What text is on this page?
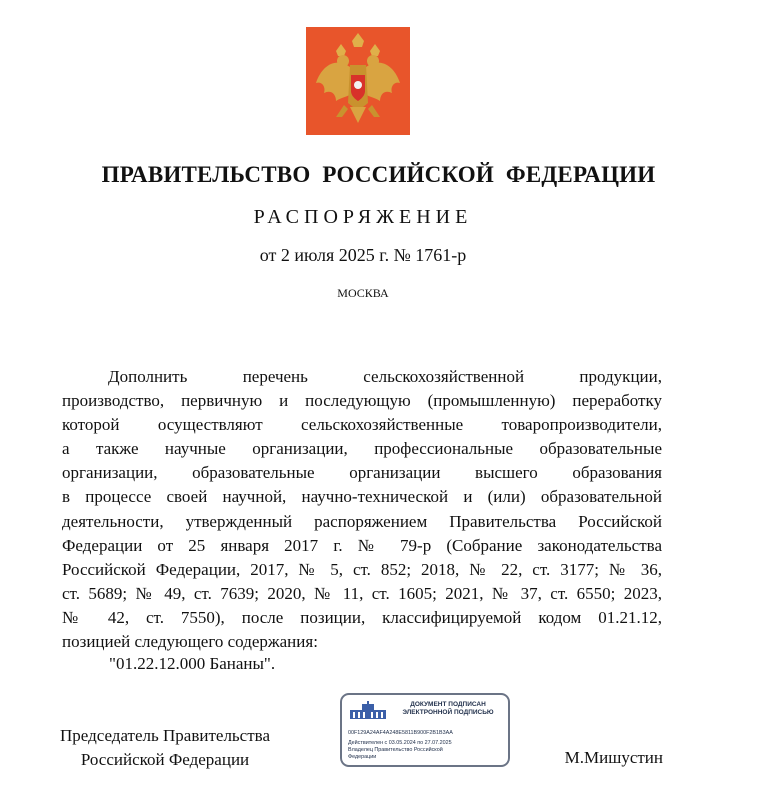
ПРАВИТЕЛЬСТВО РОССИЙСКОЙ ФЕДЕРАЦИИ
РАСПОРЯЖЕНИЕ
от 2 июля 2025 г. № 1761-р
МОСКВА
Дополнить перечень сельскохозяйственной продукции,
производство, первичную и последующую (промышленную) переработку
которой осуществляют сельскохозяйственные товаропроизводители,
а также научные организации, профессиональные образовательные
организации, образовательные организации высшего образования
в процессе своей научной, научно-технической и (или) образовательной
деятельности, утвержденный распоряжением Правительства Российской
Федерации от 25 января 2017 г. № 79-р (Собрание законодательства
Российской Федерации, 2017, № 5, ст. 852; 2018, № 22, ст. 3177; № 36,
ст. 5689; № 49, ст. 7639; 2020, № 11, ст. 1605; 2021, № 37, ст. 6550; 2023,
№ 42, ст. 7550), после позиции, классифицируемой кодом 01.21.12,
позицией следующего содержания:
"01.22.12.000 Бананы".
Председатель Правительства
Российской Федерации
ДОКУМЕНТ ПОДПИСАН
ЭЛЕКТРОННОЙ ПОДПИСЬЮ
00F129A24AF4A248E5811B900F2B1B3AA
Действителен с 03.05.2024 по 27.07.2025
Владелец Правительство Российской
Федерации	М.Мишустин
